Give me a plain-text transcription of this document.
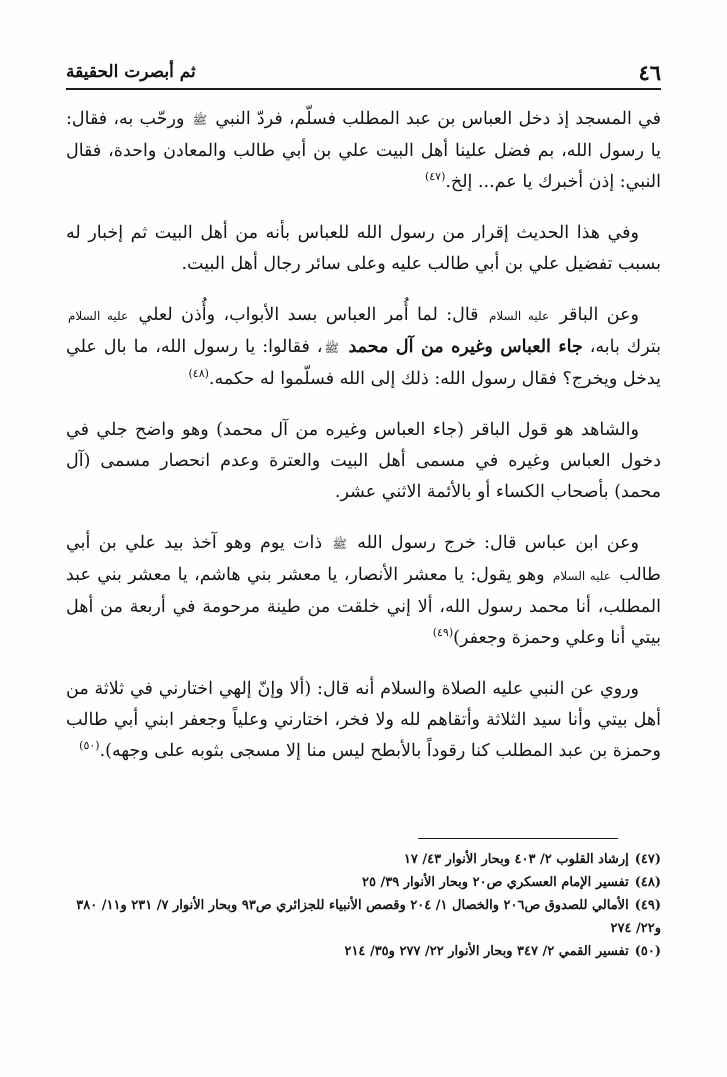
٤٦
ثم أبصرت الحقيقة

في المسجد إذ دخل العباس بن عبد المطلب فسلّم، فردّ النبي ﷺ ورحّب به، فقال: يا رسول الله، بم فضل علينا أهل البيت علي بن أبي طالب والمعادن واحدة، فقال النبي: إذن أخبرك يا عم... إلخ.$^{(٤٧)}$

وفي هذا الحديث إقرار من رسول الله للعباس بأنه من أهل البيت ثم إخبار له بسبب تفضيل علي بن أبي طالب عليه وعلى سائر رجال أهل البيت.

وعن الباقر عليه السلام قال: لما أُمر العباس بسد الأبواب، وأُذن لعلي عليه السلام بترك بابه، جاء العباس وغيره من آل محمد ﷺ، فقالوا: يا رسول الله، ما بال علي يدخل ويخرج؟ فقال رسول الله: ذلك إلى الله فسلّموا له حكمه.$^{(٤٨)}$

والشاهد هو قول الباقر (جاء العباس وغيره من آل محمد) وهو واضح جلي في دخول العباس وغيره في مسمى أهل البيت والعترة وعدم انحصار مسمى (آل محمد) بأصحاب الكساء أو بالأئمة الاثني عشر.

وعن ابن عباس قال: خرج رسول الله ﷺ ذات يوم وهو آخذ بيد علي بن أبي طالب عليه السلام وهو يقول: يا معشر الأنصار، يا معشر بني هاشم، يا معشر بني عبد المطلب، أنا محمد رسول الله، ألا إني خلقت من طينة مرحومة في أربعة من أهل بيتي أنا وعلي وحمزة وجعفر)$^{(٤٩)}$

وروي عن النبي عليه الصلاة والسلام أنه قال: (ألا وإنّ إلهي اختارني في ثلاثة من أهل بيتي وأنا سيد الثلاثة وأتقاهم لله ولا فخر، اختارني وعلياً وجعفر ابني أبي طالب وحمزة بن عبد المطلب كنا رقوداً بالأبطح ليس منا إلا مسجى بثوبه على وجهه).$^{(٥٠)}$

(٤٧)إرشاد القلوب ٢/ ٤٠٣ وبحار الأنوار ٤٣/ ١٧

(٤٨)تفسير الإمام العسكري ص٢٠ وبحار الأنوار ٣٩/ ٢٥

(٤٩)الأمالي للصدوق ص٢٠٦ والخصال ١/ ٢٠٤ وقصص الأنبياء للجزائري ص٩٣ وبحار الأنوار ٧/ ٢٣١ و١١/ ٣٨٠ و٢٢/ ٢٧٤

(٥٠)تفسير القمي ٢/ ٣٤٧ وبحار الأنوار ٢٢/ ٢٧٧ و٣٥/ ٢١٤
